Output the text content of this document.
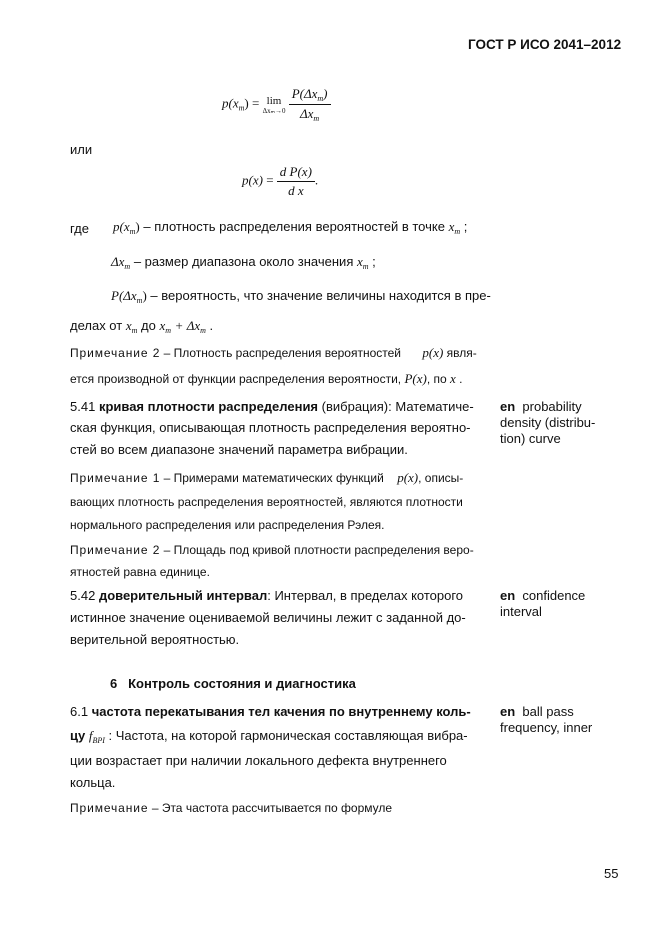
ГОСТ Р ИСО 2041–2012
$p(x_m) = \lim$
Δxₘ→0
$\frac{P(\Delta x_m)}{\Delta x_m}$
или
$p(x) = \frac{\text{d P(x)}}{\text{d x}}$ .
где $p(x_m)$ – плотность распределения вероятностей в точке $x_m$ ;
$\Delta x_m$ – размер диапазона около значения $x_m$ ;
$P(\Delta x_m)$ – вероятность, что значение величины находится в пре-
делах от $x_m$ до $x_m + \Delta x_m$ .
Примечание 2 – Плотность распределения вероятностей p(x) явля-
ется производной от функции распределения вероятности, P(x), по x .
5.41 кривая плотности распределения (вибрация): Математиче-
ская функция, описывающая плотность распределения вероятно-
стей во всем диапазоне значений параметра вибрации.
en probability
density (distribu-
tion) curve
Примечание 1 – Примерами математических функций p(x), описы-
вающих плотность распределения вероятностей, являются плотности
нормального распределения или распределения Рэлея.
Примечание 2 – Площадь под кривой плотности распределения веро-
ятностей равна единице.
5.42 доверительный интервал: Интервал, в пределах которого
истинное значение оцениваемой величины лежит с заданной до-
верительной вероятностью.
en confidence
interval
6 Контроль состояния и диагностика
6.1 частота перекатывания тел качения по внутреннему коль-
цу $f_{BPI}$ : Частота, на которой гармоническая составляющая вибра-
ции возрастает при наличии локального дефекта внутреннего
кольца.
en ball pass
frequency, inner
Примечание – Эта частота рассчитывается по формуле
55
